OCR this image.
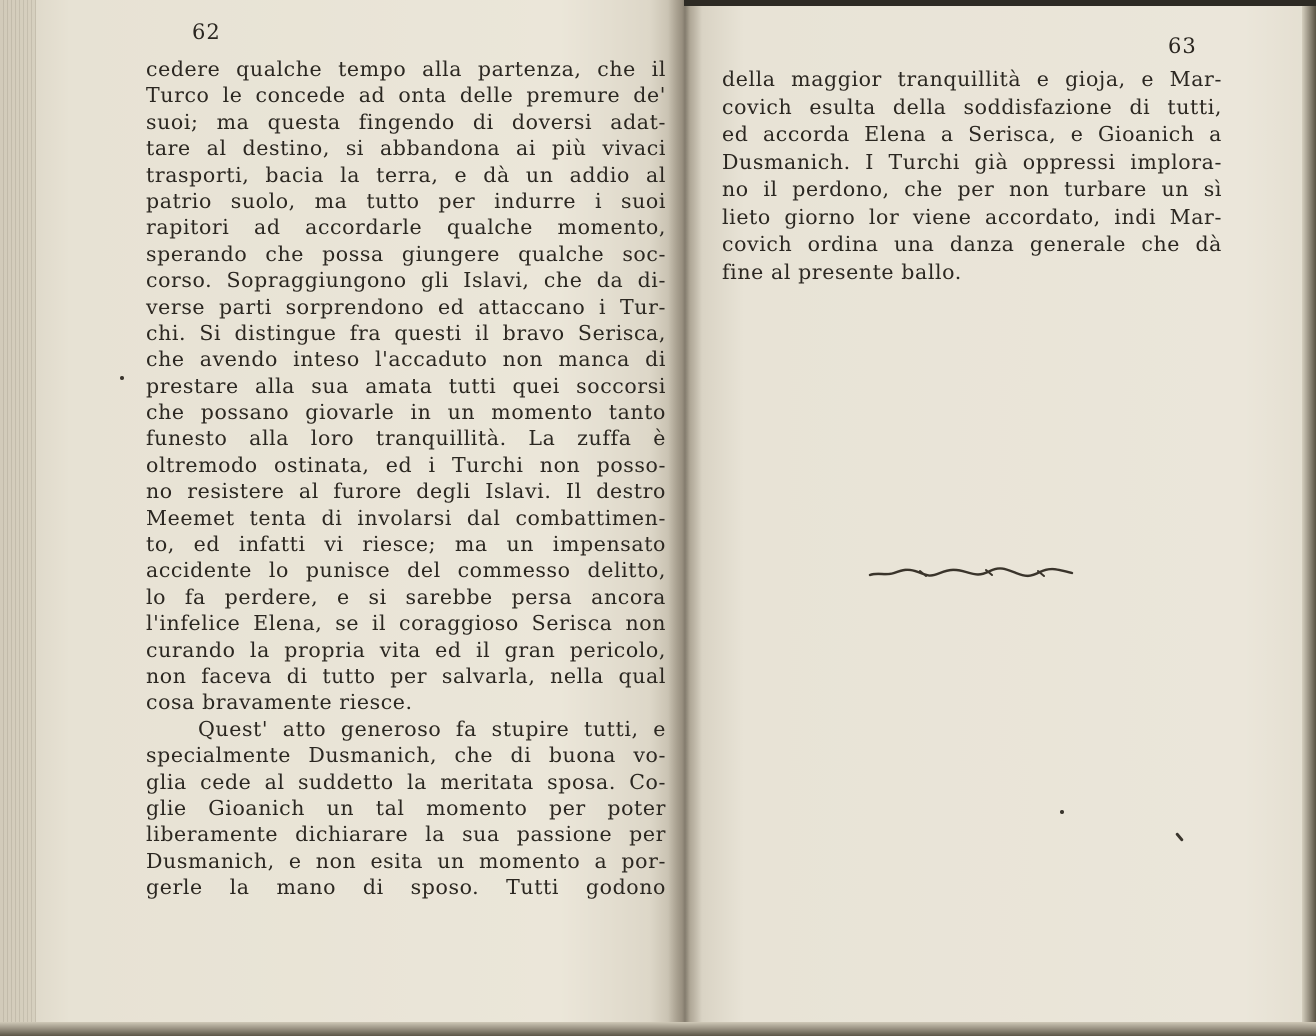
62
cedere qualche tempo alla partenza, che il
Turco le concede ad onta delle premure de'
suoi; ma questa fingendo di doversi adat-
tare al destino, si abbandona ai più vivaci
trasporti, bacia la terra, e dà un addio al
patrio suolo, ma tutto per indurre i suoi
rapitori ad accordarle qualche momento,
sperando che possa giungere qualche soc-
corso. Sopraggiungono gli Islavi, che da di-
verse parti sorprendono ed attaccano i Tur-
chi. Si distingue fra questi il bravo Serisca,
che avendo inteso l'accaduto non manca di
prestare alla sua amata tutti quei soccorsi
che possano giovarle in un momento tanto
funesto alla loro tranquillità. La zuffa è
oltremodo ostinata, ed i Turchi non posso-
no resistere al furore degli Islavi. Il destro
Meemet tenta di involarsi dal combattimen-
to, ed infatti vi riesce; ma un impensato
accidente lo punisce del commesso delitto,
lo fa perdere, e si sarebbe persa ancora
l'infelice Elena, se il coraggioso Serisca non
curando la propria vita ed il gran pericolo,
non faceva di tutto per salvarla, nella qual
cosa bravamente riesce.
Quest' atto generoso fa stupire tutti, e
specialmente Dusmanich, che di buona vo-
glia cede al suddetto la meritata sposa. Co-
glie Gioanich un tal momento per poter
liberamente dichiarare la sua passione per
Dusmanich, e non esita un momento a por-
gerle la mano di sposo. Tutti godono
63
della maggior tranquillità e gioja, e Mar-
covich esulta della soddisfazione di tutti,
ed accorda Elena a Serisca, e Gioanich a
Dusmanich. I Turchi già oppressi implora-
no il perdono, che per non turbare un sì
lieto giorno lor viene accordato, indi Mar-
covich ordina una danza generale che dà
fine al presente ballo.
